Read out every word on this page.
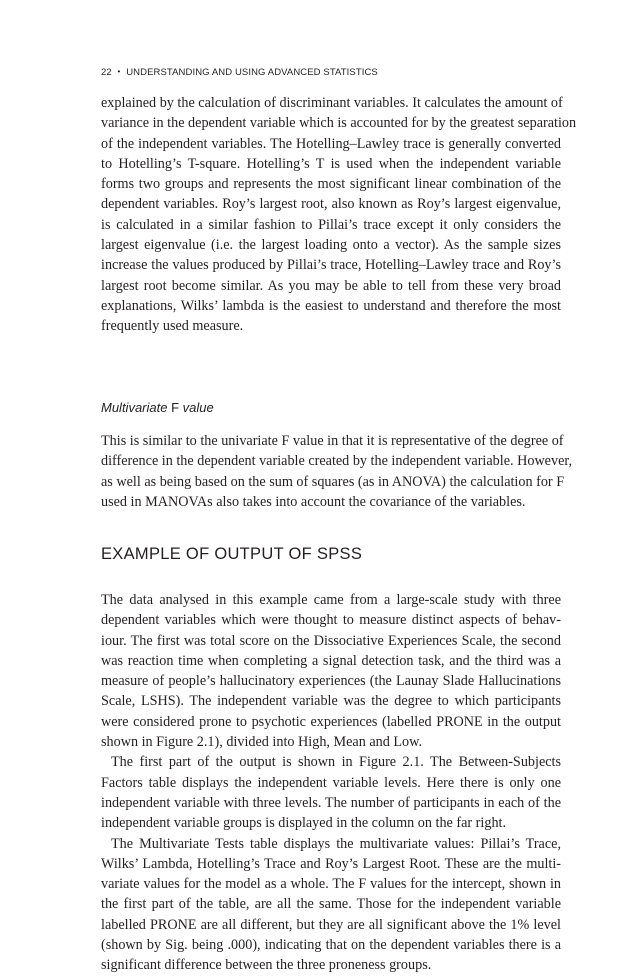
22 • UNDERSTANDING AND USING ADVANCED STATISTICS
explained by the calculation of discriminant variables. It calculates the amount of
variance in the dependent variable which is accounted for by the greatest separation
of the independent variables. The Hotelling–Lawley trace is generally converted
to Hotelling’s T-square. Hotelling’s T is used when the independent variable
forms two groups and represents the most significant linear combination of the
dependent variables. Roy’s largest root, also known as Roy’s largest eigenvalue,
is calculated in a similar fashion to Pillai’s trace except it only considers the
largest eigenvalue (i.e. the largest loading onto a vector). As the sample sizes
increase the values produced by Pillai’s trace, Hotelling–Lawley trace and Roy’s
largest root become similar. As you may be able to tell from these very broad
explanations, Wilks’ lambda is the easiest to understand and therefore the most
frequently used measure.
Multivariate F value
This is similar to the univariate F value in that it is representative of the degree of
difference in the dependent variable created by the independent variable. However,
as well as being based on the sum of squares (as in ANOVA) the calculation for F
used in MANOVAs also takes into account the covariance of the variables.
EXAMPLE OF OUTPUT OF SPSS
The data analysed in this example came from a large-scale study with three
dependent variables which were thought to measure distinct aspects of behav-
iour. The first was total score on the Dissociative Experiences Scale, the second
was reaction time when completing a signal detection task, and the third was a
measure of people’s hallucinatory experiences (the Launay Slade Hallucinations
Scale, LSHS). The independent variable was the degree to which participants
were considered prone to psychotic experiences (labelled PRONE in the output
shown in Figure 2.1), divided into High, Mean and Low.
The first part of the output is shown in Figure 2.1. The Between-Subjects
Factors table displays the independent variable levels. Here there is only one
independent variable with three levels. The number of participants in each of the
independent variable groups is displayed in the column on the far right.
The Multivariate Tests table displays the multivariate values: Pillai’s Trace,
Wilks’ Lambda, Hotelling’s Trace and Roy’s Largest Root. These are the multi-
variate values for the model as a whole. The F values for the intercept, shown in
the first part of the table, are all the same. Those for the independent variable
labelled PRONE are all different, but they are all significant above the 1% level
(shown by Sig. being .000), indicating that on the dependent variables there is a
significant difference between the three proneness groups.
